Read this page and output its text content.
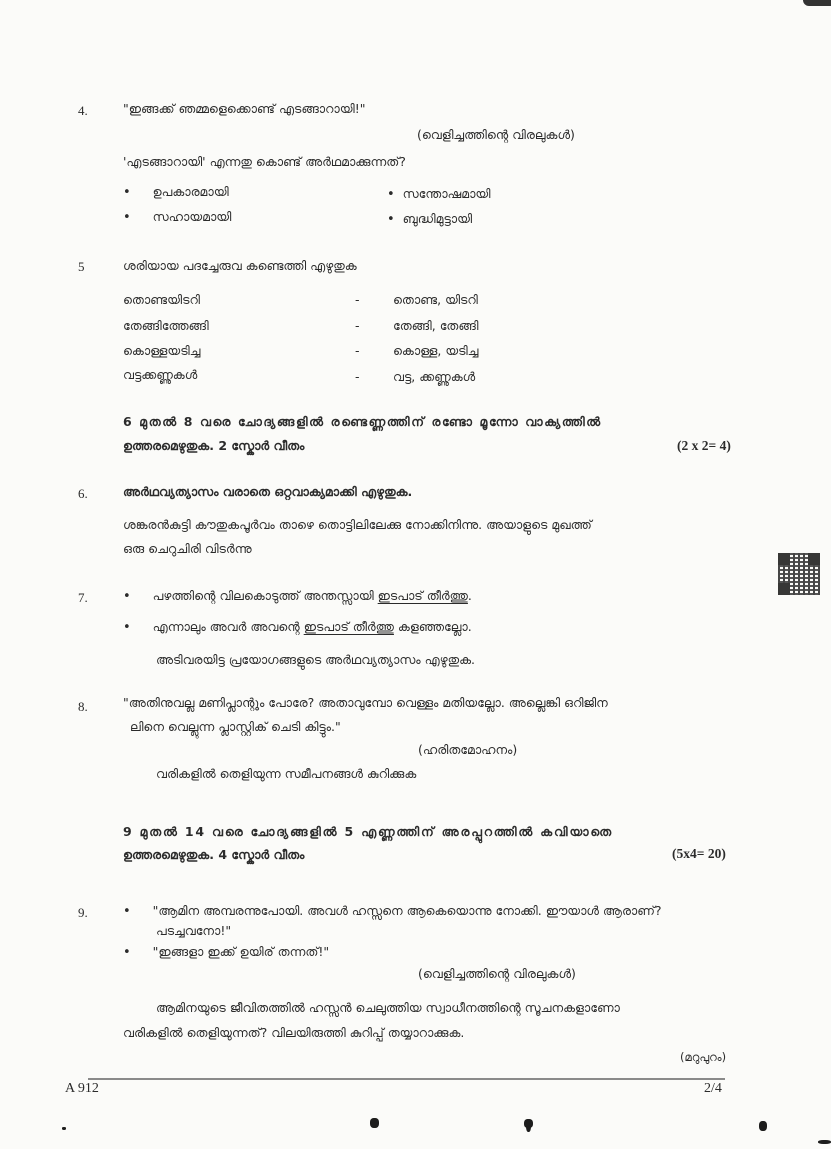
4.	"ഇങ്ങക്ക് ഞമ്മളെക്കൊണ്ട് എടങ്ങാറായി!"
(വെളിച്ചത്തിന്റെ വിരലുകൾ)
'എടങ്ങാറായി' എന്നതു കൊണ്ട് അർഥമാക്കുന്നത്?
• ഉപകാരമായി •	സന്തോഷമായി
• സഹായമായി •	ബുദ്ധിമുട്ടായി
5	ശരിയായ പദച്ചേരുവ കണ്ടെത്തി എഴുതുക
തൊണ്ടയിടറി	-	തൊണ്ട, യിടറി
തേങ്ങിത്തേങ്ങി	-	തേങ്ങി, തേങ്ങി
കൊള്ളയടിച്ച	-	കൊള്ള, യടിച്ച
വട്ടക്കണ്ണുകൾ	-	വട്ട, ക്കണ്ണുകൾ
6 മുതൽ 8 വരെ ചോദ്യങ്ങളിൽ രണ്ടെണ്ണത്തിന് രണ്ടോ മൂന്നോ വാക്യത്തിൽ
ഉത്തരമെഴുതുക. 2 സ്കോർ വീതം	(2 x 2= 4)
6.	അർഥവ്യത്യാസം വരാതെ ഒറ്റവാക്യമാക്കി എഴുതുക.
ശങ്കരൻകുട്ടി കൗതുകപൂർവം താഴെ തൊട്ടിലിലേക്കു നോക്കിനിന്നു. അയാളുടെ മുഖത്ത്
ഒരു ചെറുചിരി വിടർന്നു
7. •	പഴത്തിന്റെ വിലകൊടുത്ത് അന്തസ്സായി ഇടപാട് തീർത്തു.
• എന്നാലും അവർ അവന്റെ ഇടപാട് തീർത്തു കളഞ്ഞല്ലോ.
അടിവരയിട്ട പ്രയോഗങ്ങളുടെ അർഥവ്യത്യാസം എഴുതുക.
8.	"അതിനുവല്ല മണിപ്ലാന്റും പോരേ? അതാവുമ്പോ വെള്ളം മതിയല്ലോ. അല്ലെങ്കി ഒറിജിന
ലിനെ വെല്ലുന്ന പ്ലാസ്റ്റിക് ചെടി കിട്ടും."
(ഹരിതമോഹനം)
വരികളിൽ തെളിയുന്ന സമീപനങ്ങൾ കുറിക്കുക
9 മുതൽ 14 വരെ ചോദ്യങ്ങളിൽ 5 എണ്ണത്തിന് അരപ്പുറത്തിൽ കവിയാതെ
ഉത്തരമെഴുതുക. 4 സ്കോർ വീതം	(5x4= 20)
9. •	"ആമിന അമ്പരന്നുപോയി. അവൾ ഹസ്സനെ ആകെയൊന്നു നോക്കി. ഈയാൾ ആരാണ്?
പടച്ചവനോ!"
• "ഇങ്ങളാ ഇക്ക് ഉയിര് തന്നത്!"
(വെളിച്ചത്തിന്റെ വിരലുകൾ)
ആമിനയുടെ ജീവിതത്തിൽ ഹസ്സൻ ചെലുത്തിയ സ്വാധീനത്തിന്റെ സൂചനകളാണോ
വരികളിൽ തെളിയുന്നത്? വിലയിരുത്തി കുറിപ്പ് തയ്യാറാക്കുക.
(മറുപുറം)
A 912	2/4
